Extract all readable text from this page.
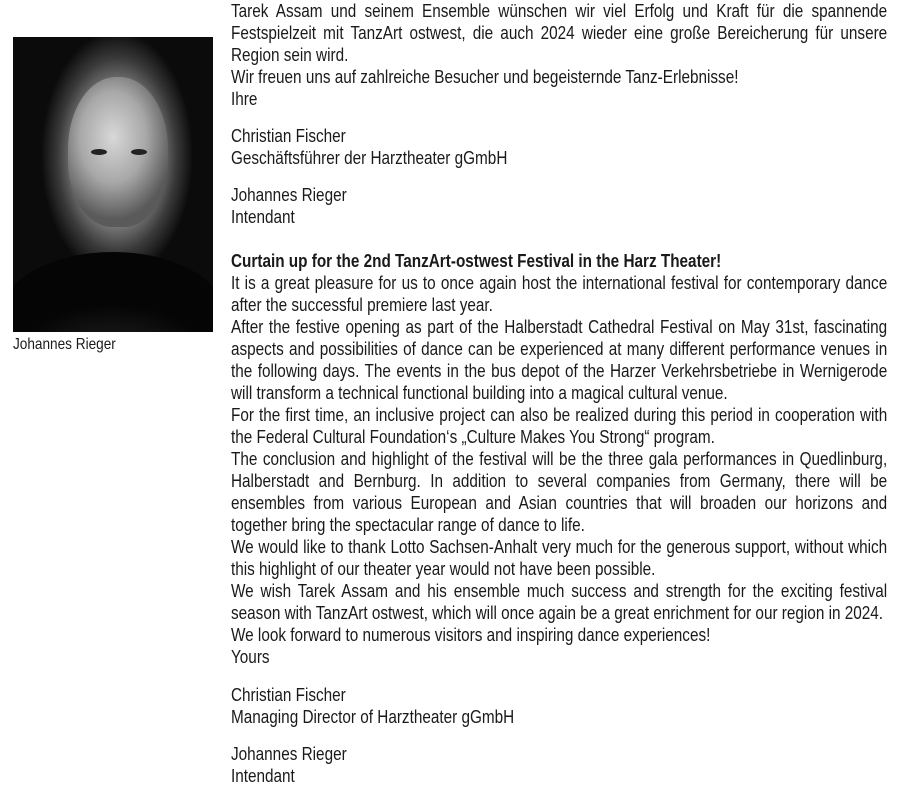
Johannes Rieger

Tarek Assam und seinem Ensemble wünschen wir viel Erfolg und Kraft für die spannende Festspielzeit mit TanzArt ostwest, die auch 2024 wieder eine große Bereicherung für unsere Region sein wird.

Wir freuen uns auf zahlreiche Besucher und begeisternde Tanz-Erlebnisse!

Ihre

Christian Fischer

Geschäftsführer der Harztheater gGmbH

Johannes Rieger

Intendant

Curtain up for the 2nd TanzArt-ostwest Festival in the Harz Theater!

It is a great pleasure for us to once again host the international festival for contemporary dance after the successful premiere last year.

After the festive opening as part of the Halberstadt Cathedral Festival on May 31st, fascinating aspects and possibilities of dance can be experienced at many different performance venues in the following days. The events in the bus depot of the Harzer Verkehrsbetriebe in Wernigerode will transform a technical functional building into a magical cultural venue.

For the first time, an inclusive project can also be realized during this period in cooperation with the Federal Cultural Foundation‘s „Culture Makes You Strong“ program.

The conclusion and highlight of the festival will be the three gala performances in Quedlinburg, Halberstadt and Bernburg. In addition to several companies from Germany, there will be ensembles from various European and Asian countries that will broaden our horizons and together bring the spectacular range of dance to life.

We would like to thank Lotto Sachsen-Anhalt very much for the generous support, without which this highlight of our theater year would not have been possible.

We wish Tarek Assam and his ensemble much success and strength for the exciting festival season with TanzArt ostwest, which will once again be a great enrichment for our region in 2024.

We look forward to numerous visitors and inspiring dance experiences!

Yours

Christian Fischer

Managing Director of Harztheater gGmbH

Johannes Rieger

Intendant
